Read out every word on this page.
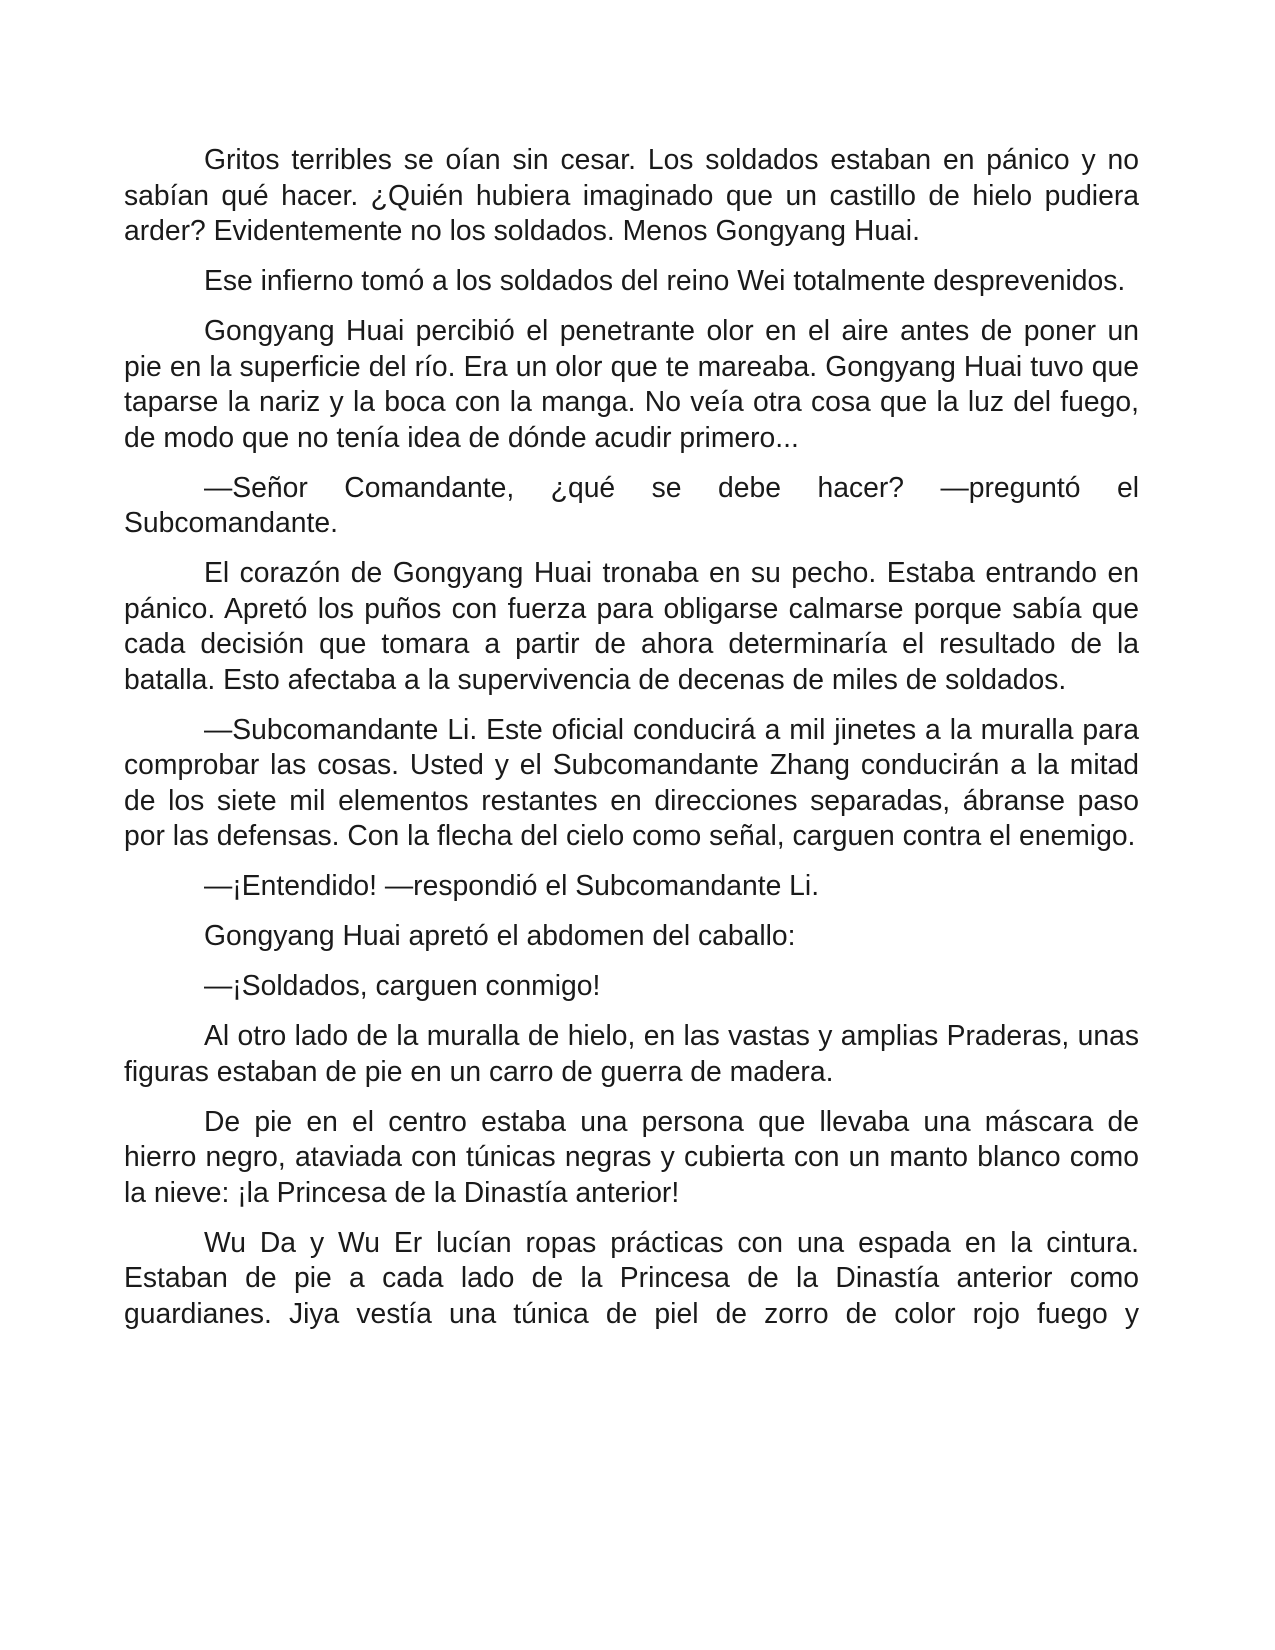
Gritos terribles se oían sin cesar. Los soldados estaban en pánico y no sabían qué hacer. ¿Quién hubiera imaginado que un castillo de hielo pudiera arder? Evidentemente no los soldados. Menos Gongyang Huai.

Ese infierno tomó a los soldados del reino Wei totalmente desprevenidos.

Gongyang Huai percibió el penetrante olor en el aire antes de poner un pie en la superficie del río. Era un olor que te mareaba. Gongyang Huai tuvo que taparse la nariz y la boca con la manga. No veía otra cosa que la luz del fuego, de modo que no tenía idea de dónde acudir primero...

—Señor Comandante, ¿qué se debe hacer? —preguntó el Subcomandante.

El corazón de Gongyang Huai tronaba en su pecho. Estaba entrando en pánico. Apretó los puños con fuerza para obligarse calmarse porque sabía que cada decisión que tomara a partir de ahora determinaría el resultado de la batalla. Esto afectaba a la supervivencia de decenas de miles de soldados.

—Subcomandante Li. Este oficial conducirá a mil jinetes a la muralla para comprobar las cosas. Usted y el Subcomandante Zhang conducirán a la mitad de los siete mil elementos restantes en direcciones separadas, ábranse paso por las defensas. Con la flecha del cielo como señal, carguen contra el enemigo.

—¡Entendido! —respondió el Subcomandante Li.

Gongyang Huai apretó el abdomen del caballo:

—¡Soldados, carguen conmigo!

Al otro lado de la muralla de hielo, en las vastas y amplias Praderas, unas figuras estaban de pie en un carro de guerra de madera.

De pie en el centro estaba una persona que llevaba una máscara de hierro negro, ataviada con túnicas negras y cubierta con un manto blanco como la nieve: ¡la Princesa de la Dinastía anterior!

Wu Da y Wu Er lucían ropas prácticas con una espada en la cintura. Estaban de pie a cada lado de la Princesa de la Dinastía anterior como guardianes. Jiya vestía una túnica de piel de zorro de color rojo fuego y
